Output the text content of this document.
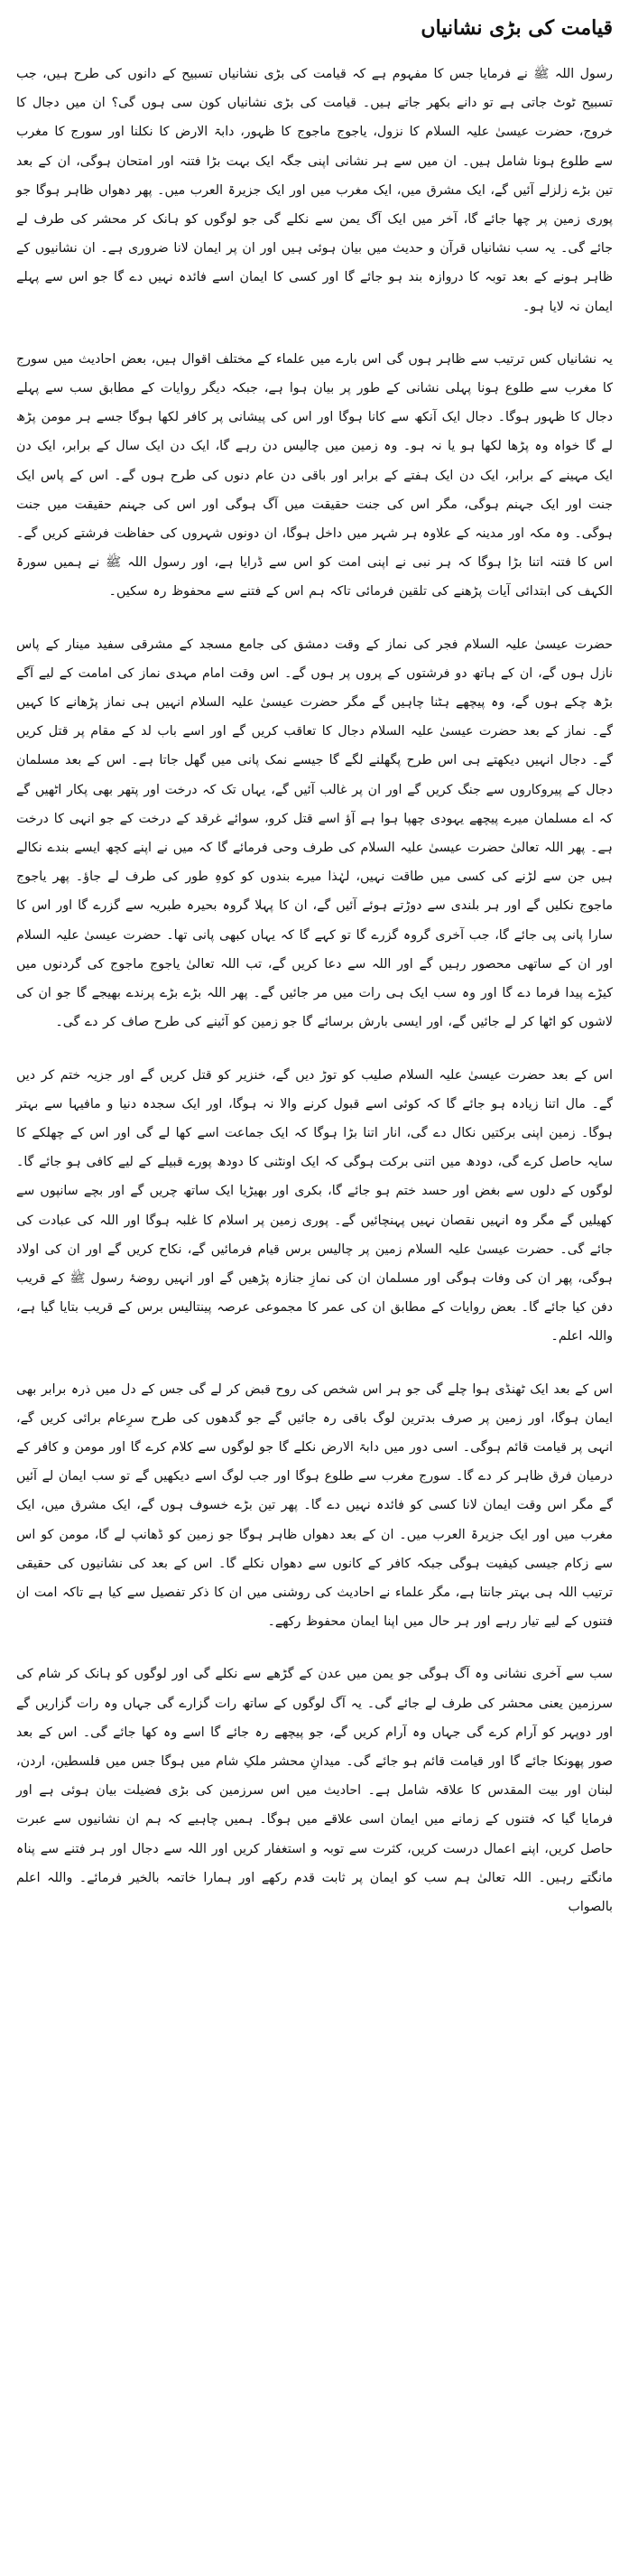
قیامت کی بڑی نشانیاں

رسول اللہ ﷺ نے فرمایا جس کا مفہوم ہے کہ قیامت کی بڑی نشانیاں تسبیح کے دانوں کی طرح ہیں، جب تسبیح ٹوٹ جاتی ہے تو دانے بکھر جاتے ہیں۔ قیامت کی بڑی نشانیاں کون سی ہوں گی؟ ان میں دجال کا خروج، حضرت عیسیٰ علیہ السلام کا نزول، یاجوج ماجوج کا ظہور، دابۃ الارض کا نکلنا اور سورج کا مغرب سے طلوع ہونا شامل ہیں۔ ان میں سے ہر نشانی اپنی جگہ ایک بہت بڑا فتنہ اور امتحان ہوگی، ان کے بعد تین بڑے زلزلے آئیں گے، ایک مشرق میں، ایک مغرب میں اور ایک جزیرۃ العرب میں۔ پھر دھواں ظاہر ہوگا جو پوری زمین پر چھا جائے گا، آخر میں ایک آگ یمن سے نکلے گی جو لوگوں کو ہانک کر محشر کی طرف لے جائے گی۔ یہ سب نشانیاں قرآن و حدیث میں بیان ہوئی ہیں اور ان پر ایمان لانا ضروری ہے۔ ان نشانیوں کے ظاہر ہونے کے بعد توبہ کا دروازہ بند ہو جائے گا اور کسی کا ایمان اسے فائدہ نہیں دے گا جو اس سے پہلے ایمان نہ لایا ہو۔

یہ نشانیاں کس ترتیب سے ظاہر ہوں گی اس بارے میں علماء کے مختلف اقوال ہیں، بعض احادیث میں سورج کا مغرب سے طلوع ہونا پہلی نشانی کے طور پر بیان ہوا ہے، جبکہ دیگر روایات کے مطابق سب سے پہلے دجال کا ظہور ہوگا۔ دجال ایک آنکھ سے کانا ہوگا اور اس کی پیشانی پر کافر لکھا ہوگا جسے ہر مومن پڑھ لے گا خواہ وہ پڑھا لکھا ہو یا نہ ہو۔ وہ زمین میں چالیس دن رہے گا، ایک دن ایک سال کے برابر، ایک دن ایک مہینے کے برابر، ایک دن ایک ہفتے کے برابر اور باقی دن عام دنوں کی طرح ہوں گے۔ اس کے پاس ایک جنت اور ایک جہنم ہوگی، مگر اس کی جنت حقیقت میں آگ ہوگی اور اس کی جہنم حقیقت میں جنت ہوگی۔ وہ مکہ اور مدینہ کے علاوہ ہر شہر میں داخل ہوگا، ان دونوں شہروں کی حفاظت فرشتے کریں گے۔ اس کا فتنہ اتنا بڑا ہوگا کہ ہر نبی نے اپنی امت کو اس سے ڈرایا ہے، اور رسول اللہ ﷺ نے ہمیں سورۃ الکہف کی ابتدائی آیات پڑھنے کی تلقین فرمائی تاکہ ہم اس کے فتنے سے محفوظ رہ سکیں۔

حضرت عیسیٰ علیہ السلام فجر کی نماز کے وقت دمشق کی جامع مسجد کے مشرقی سفید مینار کے پاس نازل ہوں گے، ان کے ہاتھ دو فرشتوں کے پروں پر ہوں گے۔ اس وقت امام مہدی نماز کی امامت کے لیے آگے بڑھ چکے ہوں گے، وہ پیچھے ہٹنا چاہیں گے مگر حضرت عیسیٰ علیہ السلام انہیں ہی نماز پڑھانے کا کہیں گے۔ نماز کے بعد حضرت عیسیٰ علیہ السلام دجال کا تعاقب کریں گے اور اسے باب لد کے مقام پر قتل کریں گے۔ دجال انہیں دیکھتے ہی اس طرح پگھلنے لگے گا جیسے نمک پانی میں گھل جاتا ہے۔ اس کے بعد مسلمان دجال کے پیروکاروں سے جنگ کریں گے اور ان پر غالب آئیں گے، یہاں تک کہ درخت اور پتھر بھی پکار اٹھیں گے کہ اے مسلمان میرے پیچھے یہودی چھپا ہوا ہے آؤ اسے قتل کرو، سوائے غرقد کے درخت کے جو انہی کا درخت ہے۔ پھر اللہ تعالیٰ حضرت عیسیٰ علیہ السلام کی طرف وحی فرمائے گا کہ میں نے اپنے کچھ ایسے بندے نکالے ہیں جن سے لڑنے کی کسی میں طاقت نہیں، لہٰذا میرے بندوں کو کوہِ طور کی طرف لے جاؤ۔ پھر یاجوج ماجوج نکلیں گے اور ہر بلندی سے دوڑتے ہوئے آئیں گے، ان کا پہلا گروہ بحیرہ طبریہ سے گزرے گا اور اس کا سارا پانی پی جائے گا، جب آخری گروہ گزرے گا تو کہے گا کہ یہاں کبھی پانی تھا۔ حضرت عیسیٰ علیہ السلام اور ان کے ساتھی محصور رہیں گے اور اللہ سے دعا کریں گے، تب اللہ تعالیٰ یاجوج ماجوج کی گردنوں میں کیڑے پیدا فرما دے گا اور وہ سب ایک ہی رات میں مر جائیں گے۔ پھر اللہ بڑے بڑے پرندے بھیجے گا جو ان کی لاشوں کو اٹھا کر لے جائیں گے، اور ایسی بارش برسائے گا جو زمین کو آئینے کی طرح صاف کر دے گی۔

اس کے بعد حضرت عیسیٰ علیہ السلام صلیب کو توڑ دیں گے، خنزیر کو قتل کریں گے اور جزیہ ختم کر دیں گے۔ مال اتنا زیادہ ہو جائے گا کہ کوئی اسے قبول کرنے والا نہ ہوگا، اور ایک سجدہ دنیا و مافیہا سے بہتر ہوگا۔ زمین اپنی برکتیں نکال دے گی، انار اتنا بڑا ہوگا کہ ایک جماعت اسے کھا لے گی اور اس کے چھلکے کا سایہ حاصل کرے گی، دودھ میں اتنی برکت ہوگی کہ ایک اونٹنی کا دودھ پورے قبیلے کے لیے کافی ہو جائے گا۔ لوگوں کے دلوں سے بغض اور حسد ختم ہو جائے گا، بکری اور بھیڑیا ایک ساتھ چریں گے اور بچے سانپوں سے کھیلیں گے مگر وہ انہیں نقصان نہیں پہنچائیں گے۔ پوری زمین پر اسلام کا غلبہ ہوگا اور اللہ کی عبادت کی جائے گی۔ حضرت عیسیٰ علیہ السلام زمین پر چالیس برس قیام فرمائیں گے، نکاح کریں گے اور ان کی اولاد ہوگی، پھر ان کی وفات ہوگی اور مسلمان ان کی نمازِ جنازہ پڑھیں گے اور انہیں روضۂ رسول ﷺ کے قریب دفن کیا جائے گا۔ بعض روایات کے مطابق ان کی عمر کا مجموعی عرصہ پینتالیس برس کے قریب بتایا گیا ہے، واللہ اعلم۔

اس کے بعد ایک ٹھنڈی ہوا چلے گی جو ہر اس شخص کی روح قبض کر لے گی جس کے دل میں ذرہ برابر بھی ایمان ہوگا، اور زمین پر صرف بدترین لوگ باقی رہ جائیں گے جو گدھوں کی طرح سرِعام برائی کریں گے، انہی پر قیامت قائم ہوگی۔ اسی دور میں دابۃ الارض نکلے گا جو لوگوں سے کلام کرے گا اور مومن و کافر کے درمیان فرق ظاہر کر دے گا۔ سورج مغرب سے طلوع ہوگا اور جب لوگ اسے دیکھیں گے تو سب ایمان لے آئیں گے مگر اس وقت ایمان لانا کسی کو فائدہ نہیں دے گا۔ پھر تین بڑے خسوف ہوں گے، ایک مشرق میں، ایک مغرب میں اور ایک جزیرۃ العرب میں۔ ان کے بعد دھواں ظاہر ہوگا جو زمین کو ڈھانپ لے گا، مومن کو اس سے زکام جیسی کیفیت ہوگی جبکہ کافر کے کانوں سے دھواں نکلے گا۔ اس کے بعد کی نشانیوں کی حقیقی ترتیب اللہ ہی بہتر جانتا ہے، مگر علماء نے احادیث کی روشنی میں ان کا ذکر تفصیل سے کیا ہے تاکہ امت ان فتنوں کے لیے تیار رہے اور ہر حال میں اپنا ایمان محفوظ رکھے۔

سب سے آخری نشانی وہ آگ ہوگی جو یمن میں عدن کے گڑھے سے نکلے گی اور لوگوں کو ہانک کر شام کی سرزمین یعنی محشر کی طرف لے جائے گی۔ یہ آگ لوگوں کے ساتھ رات گزارے گی جہاں وہ رات گزاریں گے اور دوپہر کو آرام کرے گی جہاں وہ آرام کریں گے، جو پیچھے رہ جائے گا اسے وہ کھا جائے گی۔ اس کے بعد صور پھونکا جائے گا اور قیامت قائم ہو جائے گی۔ میدانِ محشر ملکِ شام میں ہوگا جس میں فلسطین، اردن، لبنان اور بیت المقدس کا علاقہ شامل ہے۔ احادیث میں اس سرزمین کی بڑی فضیلت بیان ہوئی ہے اور فرمایا گیا کہ فتنوں کے زمانے میں ایمان اسی علاقے میں ہوگا۔ ہمیں چاہیے کہ ہم ان نشانیوں سے عبرت حاصل کریں، اپنے اعمال درست کریں، کثرت سے توبہ و استغفار کریں اور اللہ سے دجال اور ہر فتنے سے پناہ مانگتے رہیں۔ اللہ تعالیٰ ہم سب کو ایمان پر ثابت قدم رکھے اور ہمارا خاتمہ بالخیر فرمائے۔ واللہ اعلم بالصواب
